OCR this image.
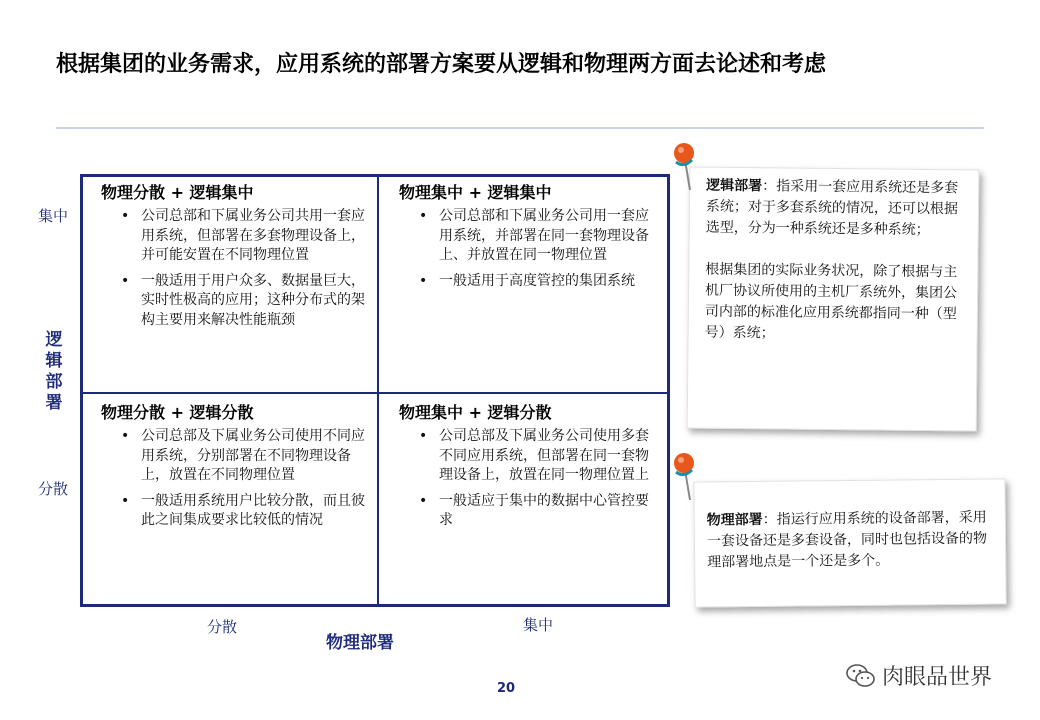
根据集团的业务需求，应用系统的部署方案要从逻辑和物理两方面去论述和考虑
物理分散 + 逻辑集中
• 公司总部和下属业务公司共用一套应用系统，但部署在多套物理设备上，并可能安置在不同物理位置
• 一般适用于用户众多、数据量巨大，实时性极高的应用；这种分布式的架构主要用来解决性能瓶颈
物理集中 + 逻辑集中
• 公司总部和下属业务公司用一套应用系统，并部署在同一套物理设备上、并放置在同一物理位置
• 一般适用于高度管控的集团系统
物理分散 + 逻辑分散
• 公司总部及下属业务公司使用不同应用系统，分别部署在不同物理设备上，放置在不同物理位置
• 一般适用系统用户比较分散，而且彼此之间集成要求比较低的情况
物理集中 + 逻辑分散
• 公司总部及下属业务公司使用多套不同应用系统，但部署在同一套物理设备上，放置在同一物理位置上
• 一般适应于集中的数据中心管控要求
集中
分散
逻辑部署
分散	集中
物理部署

逻辑部署：指采用一套应用系统还是多套系统；对于多套系统的情况，还可以根据选型，分为一种系统还是多种系统；

根据集团的实际业务状况，除了根据与主机厂协议所使用的主机厂系统外，集团公司内部的标准化应用系统都指同一种（型号）系统；

物理部署：指运行应用系统的设备部署，采用一套设备还是多套设备，同时也包括设备的物理部署地点是一个还是多个。

20	肉眼品世界
